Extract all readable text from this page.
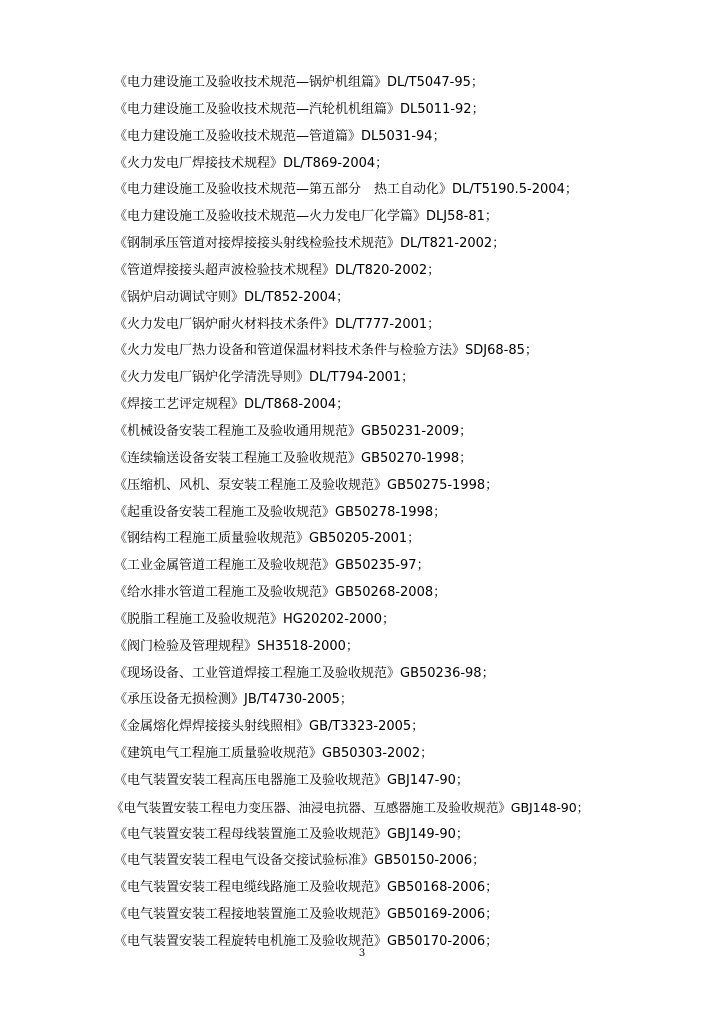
《电力建设施工及验收技术规范—锅炉机组篇》DL/T5047-95；
《电力建设施工及验收技术规范—汽轮机机组篇》DL5011-92；
《电力建设施工及验收技术规范—管道篇》DL5031-94；
《火力发电厂焊接技术规程》DL/T869-2004；
《电力建设施工及验收技术规范—第五部分　热工自动化》DL/T5190.5-2004；
《电力建设施工及验收技术规范—火力发电厂化学篇》DLJ58-81；
《钢制承压管道对接焊接接头射线检验技术规范》DL/T821-2002；
《管道焊接接头超声波检验技术规程》DL/T820-2002；
《锅炉启动调试守则》DL/T852-2004；
《火力发电厂锅炉耐火材料技术条件》DL/T777-2001；
《火力发电厂热力设备和管道保温材料技术条件与检验方法》SDJ68-85；
《火力发电厂锅炉化学清洗导则》DL/T794-2001；
《焊接工艺评定规程》DL/T868-2004；
《机械设备安装工程施工及验收通用规范》GB50231-2009；
《连续输送设备安装工程施工及验收规范》GB50270-1998；
《压缩机、风机、泵安装工程施工及验收规范》GB50275-1998；
《起重设备安装工程施工及验收规范》GB50278-1998；
《钢结构工程施工质量验收规范》GB50205-2001；
《工业金属管道工程施工及验收规范》GB50235-97；
《给水排水管道工程施工及验收规范》GB50268-2008；
《脱脂工程施工及验收规范》HG20202-2000；
《阀门检验及管理规程》SH3518-2000；
《现场设备、工业管道焊接工程施工及验收规范》GB50236-98；
《承压设备无损检测》JB/T4730-2005；
《金属熔化焊焊接接头射线照相》GB/T3323-2005；
《建筑电气工程施工质量验收规范》GB50303-2002；
《电气装置安装工程高压电器施工及验收规范》GBJ147-90；
《电气装置安装工程电力变压器、油浸电抗器、互感器施工及验收规范》GBJ148-90；
《电气装置安装工程母线装置施工及验收规范》GBJ149-90；
《电气装置安装工程电气设备交接试验标准》GB50150-2006；
《电气装置安装工程电缆线路施工及验收规范》GB50168-2006；
《电气装置安装工程接地装置施工及验收规范》GB50169-2006；
《电气装置安装工程旋转电机施工及验收规范》GB50170-2006；
3
